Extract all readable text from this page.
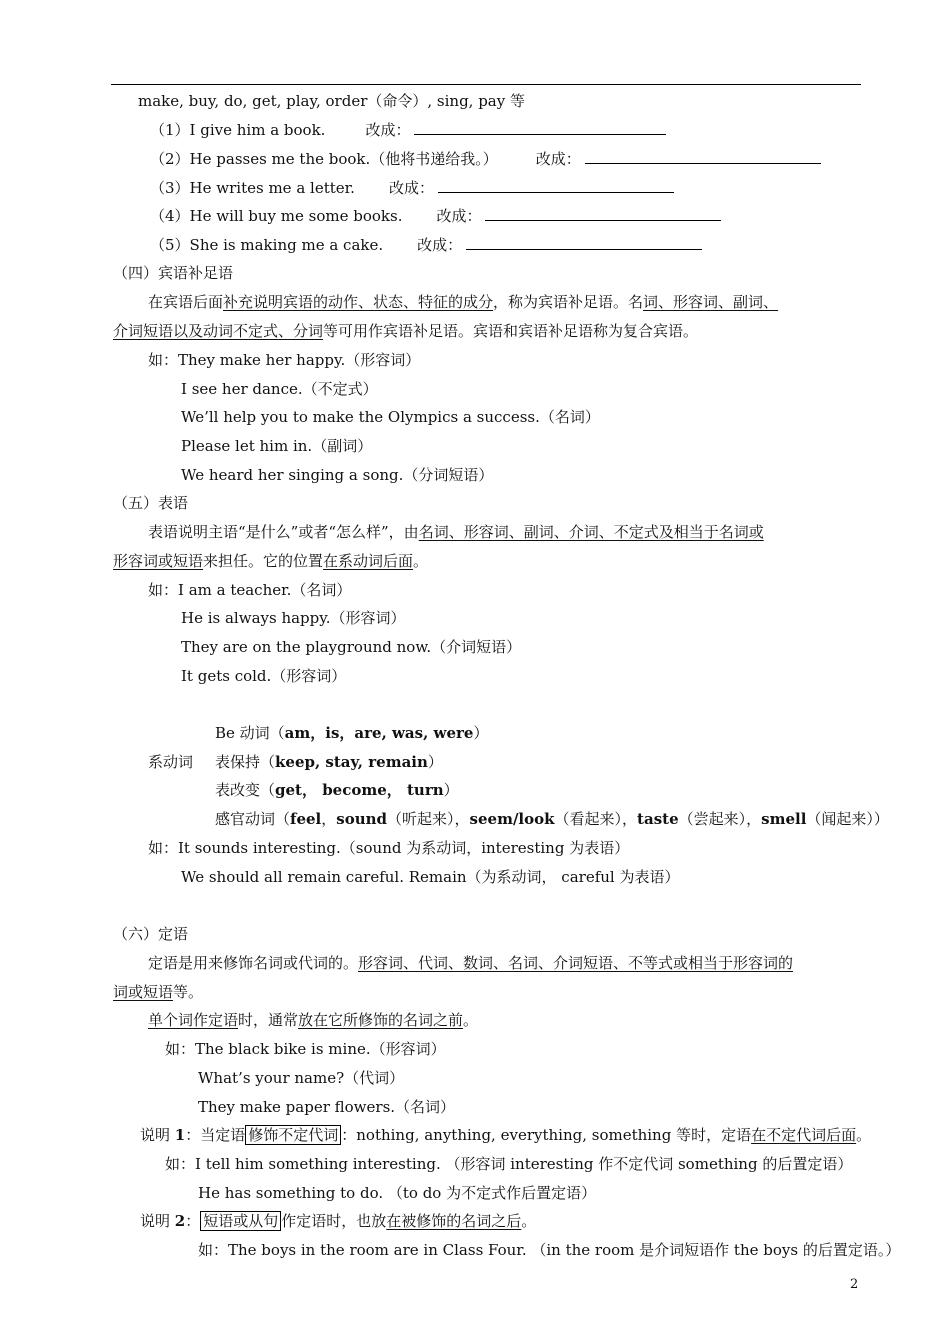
make, buy, do, get, play, order（命令）, sing, pay 等
（1）I give him a book.	改成：
（2）He passes me the book.（他将书递给我。）	改成：
（3）He writes me a letter. 改成：
（4）He will buy me some books. 改成：
（5）She is making me a cake. 改成：
（四）宾语补足语
在宾语后面补充说明宾语的动作、状态、特征的成分，称为宾语补足语。名词、形容词、副词、
介词短语以及动词不定式、分词等可用作宾语补足语。宾语和宾语补足语称为复合宾语。
如：They make her happy.（形容词）
I see her dance.（不定式）
We’ll help you to make the Olympics a success.（名词）
Please let him in.（副词）
We heard her singing a song.（分词短语）
（五）表语
表语说明主语“是什么”或者“怎么样”，由名词、形容词、副词、介词、不定式及相当于名词或
形容词或短语来担任。它的位置在系动词后面。
如：I am a teacher.（名词）
He is always happy.（形容词）
They are on the playground now.（介词短语）
It gets cold.（形容词）
Be 动词（am，is，are, was, were）
系动词 表保持（keep, stay, remain）
表改变（get， become， turn）
感官动词（feel，sound（听起来），seem/look（看起来），taste（尝起来），smell（闻起来））
如：It sounds interesting.（sound 为系动词，interesting 为表语）
We should all remain careful. Remain（为系动词， careful 为表语）
（六）定语
定语是用来修饰名词或代词的。形容词、代词、数词、名词、介词短语、不等式或相当于形容词的
词或短语等。
单个词作定语时，通常放在它所修饰的名词之前。
如：The black bike is mine.（形容词）
What’s your name?（代词）
They make paper flowers.（名词）
说明 1：当定语 修饰不定代词 ：nothing, anything, everything, something 等时，定语在不定代词后面。
如：I tell him something interesting. （形容词 interesting 作不定代词 something 的后置定语）
He has something to do. （to do 为不定式作后置定语）
说明 2： 短语或从句 作定语时，也放在被修饰的名词之后。
如：The boys in the room are in Class Four. （in the room 是介词短语作 the boys 的后置定语。）
2
